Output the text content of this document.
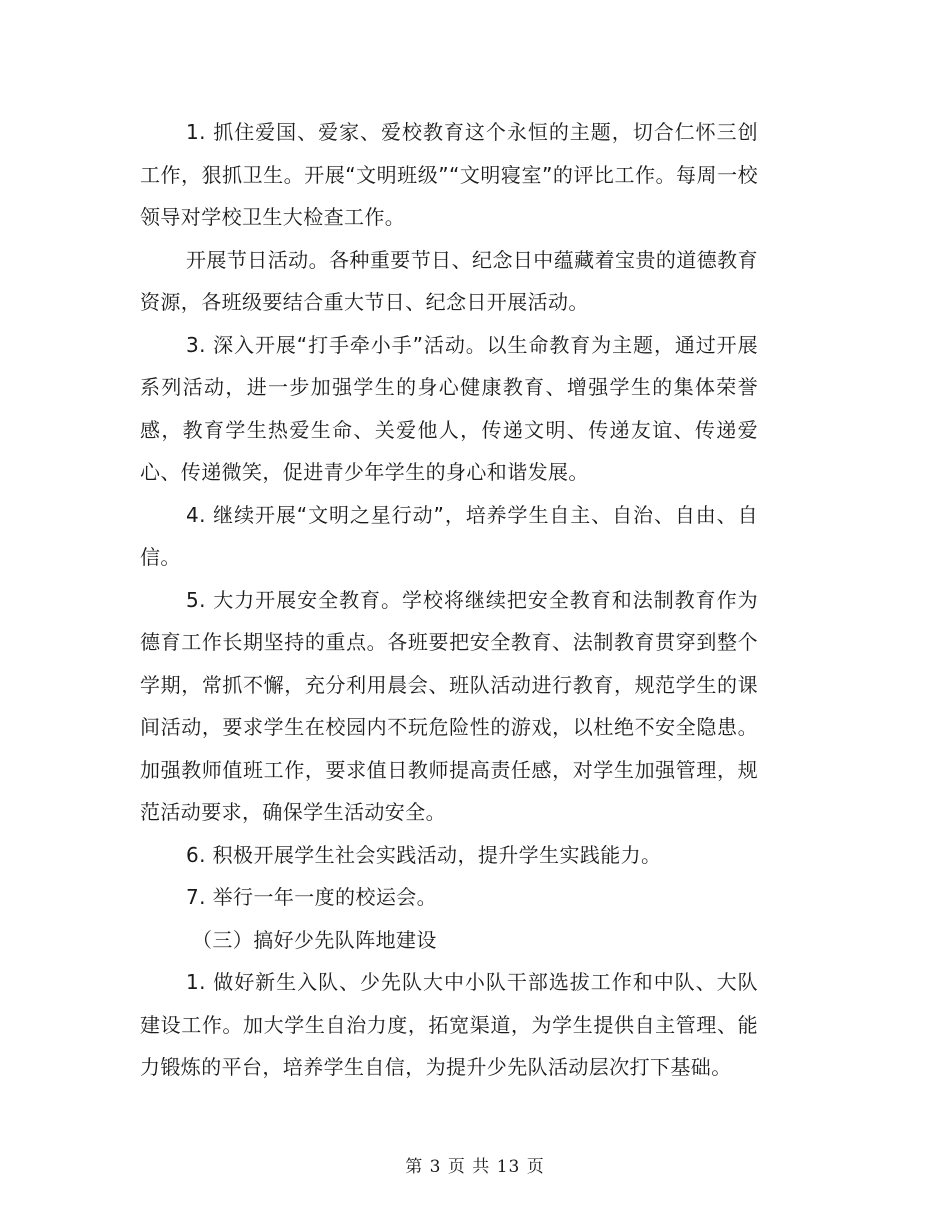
1. 抓住爱国、爱家、爱校教育这个永恒的主题，切合仁怀三创工作，狠抓卫生。开展“文明班级”“文明寝室”的评比工作。每周一校领导对学校卫生大检查工作。

开展节日活动。各种重要节日、纪念日中蕴藏着宝贵的道德教育资源，各班级要结合重大节日、纪念日开展活动。

3. 深入开展“打手牵小手”活动。以生命教育为主题，通过开展系列活动，进一步加强学生的身心健康教育、增强学生的集体荣誉感，教育学生热爱生命、关爱他人，传递文明、传递友谊、传递爱心、传递微笑，促进青少年学生的身心和谐发展。

4. 继续开展“文明之星行动”，培养学生自主、自治、自由、自信。

5. 大力开展安全教育。学校将继续把安全教育和法制教育作为德育工作长期坚持的重点。各班要把安全教育、法制教育贯穿到整个学期，常抓不懈，充分利用晨会、班队活动进行教育，规范学生的课间活动，要求学生在校园内不玩危险性的游戏，以杜绝不安全隐患。加强教师值班工作，要求值日教师提高责任感，对学生加强管理，规范活动要求，确保学生活动安全。

6. 积极开展学生社会实践活动，提升学生实践能力。

7. 举行一年一度的校运会。

（三）搞好少先队阵地建设

1. 做好新生入队、少先队大中小队干部选拔工作和中队、大队建设工作。加大学生自治力度，拓宽渠道，为学生提供自主管理、能力锻炼的平台，培养学生自信，为提升少先队活动层次打下基础。

第 3 页 共 13 页
